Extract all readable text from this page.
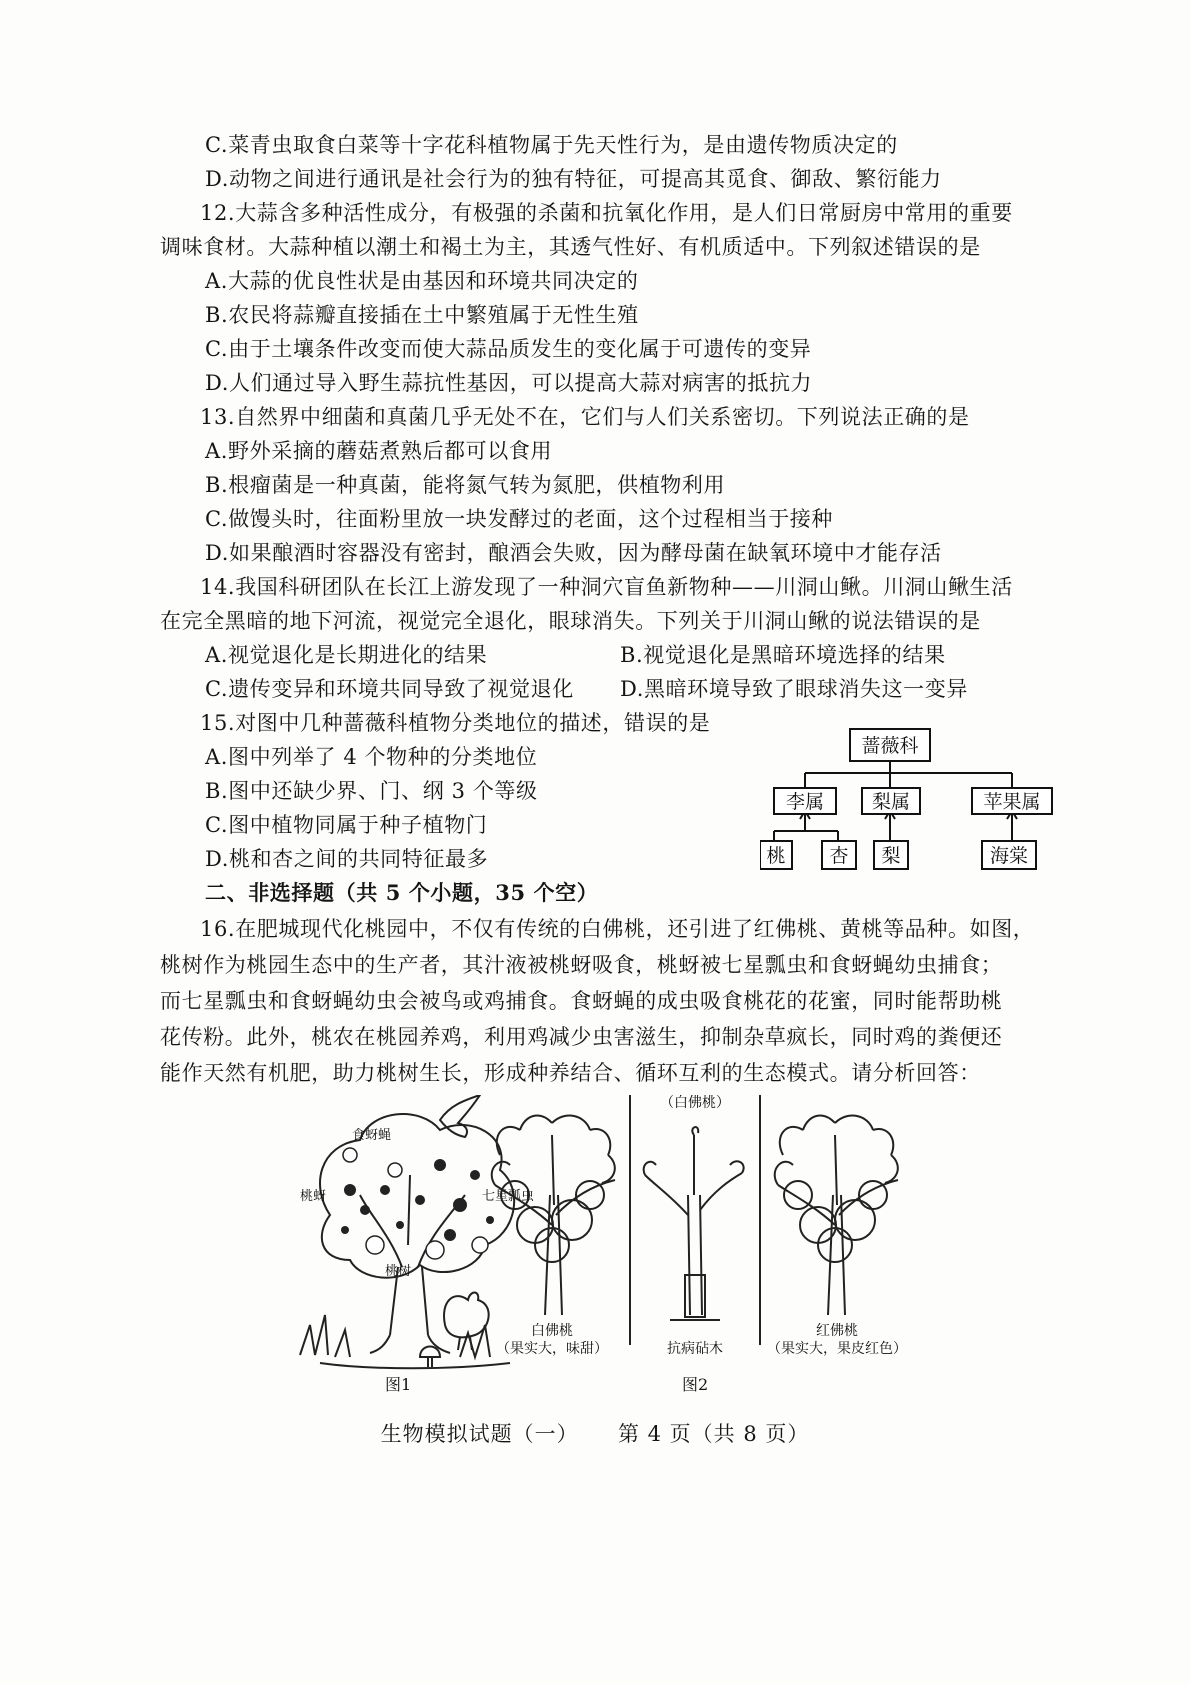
C.菜青虫取食白菜等十字花科植物属于先天性行为，是由遗传物质决定的
D.动物之间进行通讯是社会行为的独有特征，可提高其觅食、御敌、繁衍能力
12.大蒜含多种活性成分，有极强的杀菌和抗氧化作用，是人们日常厨房中常用的重要
调味食材。大蒜种植以潮土和褐土为主，其透气性好、有机质适中。下列叙述错误的是
A.大蒜的优良性状是由基因和环境共同决定的
B.农民将蒜瓣直接插在土中繁殖属于无性生殖
C.由于土壤条件改变而使大蒜品质发生的变化属于可遗传的变异
D.人们通过导入野生蒜抗性基因，可以提高大蒜对病害的抵抗力
13.自然界中细菌和真菌几乎无处不在，它们与人们关系密切。下列说法正确的是
A.野外采摘的蘑菇煮熟后都可以食用
B.根瘤菌是一种真菌，能将氮气转为氮肥，供植物利用
C.做馒头时，往面粉里放一块发酵过的老面，这个过程相当于接种
D.如果酿酒时容器没有密封，酿酒会失败，因为酵母菌在缺氧环境中才能存活
14.我国科研团队在长江上游发现了一种洞穴盲鱼新物种——川洞山鳅。川洞山鳅生活
在完全黑暗的地下河流，视觉完全退化，眼球消失。下列关于川洞山鳅的说法错误的是
A.视觉退化是长期进化的结果	B.视觉退化是黑暗环境选择的结果
C.遗传变异和环境共同导致了视觉退化 D.黑暗环境导致了眼球消失这一变异
15.对图中几种蔷薇科植物分类地位的描述，错误的是
A.图中列举了 4 个物种的分类地位
B.图中还缺少界、门、纲 3 个等级
C.图中植物同属于种子植物门
D.桃和杏之间的共同特征最多
二、非选择题（共 5 个小题，35 个空）
16.在肥城现代化桃园中，不仅有传统的白佛桃，还引进了红佛桃、黄桃等品种。如图，
桃树作为桃园生态中的生产者，其汁液被桃蚜吸食，桃蚜被七星瓢虫和食蚜蝇幼虫捕食；
而七星瓢虫和食蚜蝇幼虫会被鸟或鸡捕食。食蚜蝇的成虫吸食桃花的花蜜，同时能帮助桃
花传粉。此外，桃农在桃园养鸡，利用鸡减少虫害滋生，抑制杂草疯长，同时鸡的粪便还
能作天然有机肥，助力桃树生长，形成种养结合、循环互利的生态模式。请分析回答：
蔷薇科
李属	梨属	苹果属
桃 杏 梨	海棠
食蚜蝇
桃蚜	七星瓢虫
桃树
图1
白佛桃
（果实大，味甜）
（白佛桃）
抗病砧木
图2
红佛桃
（果实大，果皮红色）
生物模拟试题（一） 第 4 页（共 8 页）
